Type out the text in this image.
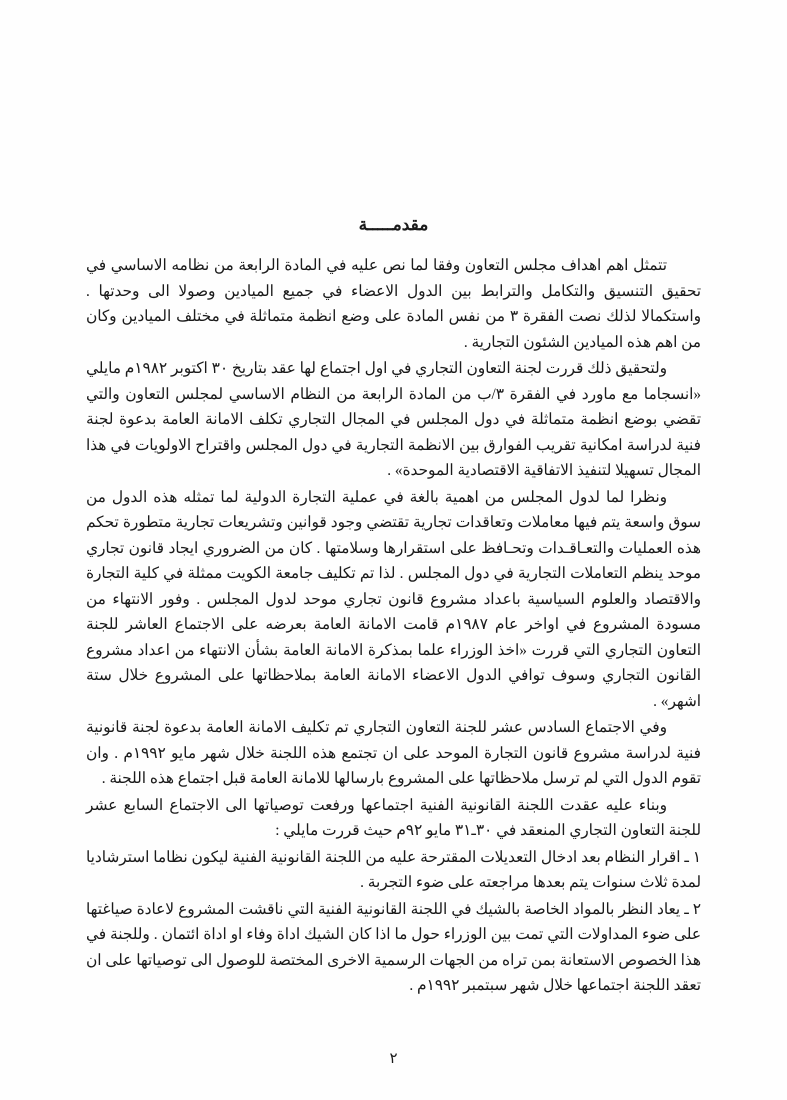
مقدمـــــة

تتمثل اهم اهداف مجلس التعاون وفقا لما نص عليه في المادة الرابعة من نظامه الاساسي في تحقيق التنسيق والتكامل والترابط بين الدول الاعضاء في جميع الميادين وصولا الى وحدتها . واستكمالا لذلك نصت الفقرة ٣ من نفس المادة على وضع انظمة متماثلة في مختلف الميادين وكان من اهم هذه الميادين الشئون التجارية .

ولتحقيق ذلك قررت لجنة التعاون التجاري في اول اجتماع لها عقد بتاريخ ٣٠ اكتوبر ١٩٨٢م مايلي «انسجاما مع ماورد في الفقرة ٣/ب من المادة الرابعة من النظام الاساسي لمجلس التعاون والتي تقضي بوضع انظمة متماثلة في دول المجلس في المجال التجاري تكلف الامانة العامة بدعوة لجنة فنية لدراسة امكانية تقريب الفوارق بين الانظمة التجارية في دول المجلس واقتراح الاولويات في هذا المجال تسهيلا لتنفيذ الاتفاقية الاقتصادية الموحدة» .

ونظرا لما لدول المجلس من اهمية بالغة في عملية التجارة الدولية لما تمثله هذه الدول من سوق واسعة يتم فيها معاملات وتعاقدات تجارية تقتضي وجود قوانين وتشريعات تجارية متطورة تحكم هذه العمليات والتعـاقـدات وتحـافظ على استقرارها وسلامتها . كان من الضروري ايجاد قانون تجاري موحد ينظم التعاملات التجارية في دول المجلس . لذا تم تكليف جامعة الكويت ممثلة في كلية التجارة والاقتصاد والعلوم السياسية باعداد مشروع قانون تجاري موحد لدول المجلس . وفور الانتهاء من مسودة المشروع في اواخر عام ١٩٨٧م قامت الامانة العامة بعرضه على الاجتماع العاشر للجنة التعاون التجاري التي قررت «اخذ الوزراء علما بمذكرة الامانة العامة بشأن الانتهاء من اعداد مشروع القانون التجاري وسوف توافي الدول الاعضاء الامانة العامة بملاحظاتها على المشروع خلال ستة اشهر» .

وفي الاجتماع السادس عشر للجنة التعاون التجاري تم تكليف الامانة العامة بدعوة لجنة قانونية فنية لدراسة مشروع قانون التجارة الموحد على ان تجتمع هذه اللجنة خلال شهر مايو ١٩٩٢م . وان تقوم الدول التي لم ترسل ملاحظاتها على المشروع بارسالها للامانة العامة قبل اجتماع هذه اللجنة .

وبناء عليه عقدت اللجنة القانونية الفنية اجتماعها ورفعت توصياتها الى الاجتماع السابع عشر للجنة التعاون التجاري المنعقد في ٣٠ـ٣١ مايو ٩٢م حيث قررت مايلي :

١ ـ اقرار النظام بعد ادخال التعديلات المقترحة عليه من اللجنة القانونية الفنية ليكون نظاما استرشاديا لمدة ثلاث سنوات يتم بعدها مراجعته على ضوء التجربة .

٢ ـ يعاد النظر بالمواد الخاصة بالشيك في اللجنة القانونية الفنية التي ناقشت المشروع لاعادة صياغتها على ضوء المداولات التي تمت بين الوزراء حول ما اذا كان الشيك اداة وفاء او اداة ائتمان . وللجنة في هذا الخصوص الاستعانة بمن تراه من الجهات الرسمية الاخرى المختصة للوصول الى توصياتها على ان تعقد اللجنة اجتماعها خلال شهر سبتمبر ١٩٩٢م .

٢
